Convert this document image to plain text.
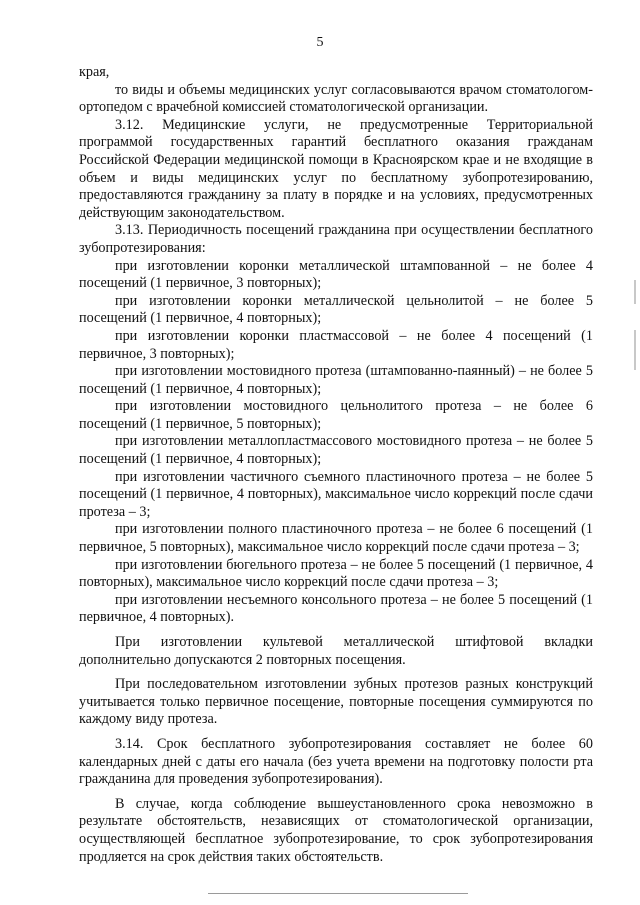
5

края,

то виды и объемы медицинских услуг согласовываются врачом стоматологом-ортопедом с врачебной комиссией стоматологической организации.

3.12. Медицинские услуги, не предусмотренные Территориальной программой государственных гарантий бесплатного оказания гражданам Российской Федерации медицинской помощи в Красноярском крае и не входящие в объем и виды медицинских услуг по бесплатному зубопротезированию, предоставляются гражданину за плату в порядке и на условиях, предусмотренных действующим законодательством.

3.13. Периодичность посещений гражданина при осуществлении бесплатного зубопротезирования:

при изготовлении коронки металлической штампованной – не более 4 посещений (1 первичное, 3 повторных);

при изготовлении коронки металлической цельнолитой – не более 5 посещений (1 первичное, 4 повторных);

при изготовлении коронки пластмассовой – не более 4 посещений (1 первичное, 3 повторных);

при изготовлении мостовидного протеза (штампованно-паянный) – не более 5 посещений (1 первичное, 4 повторных);

при изготовлении мостовидного цельнолитого протеза – не более 6 посещений (1 первичное, 5 повторных);

при изготовлении металлопластмассового мостовидного протеза – не более 5 посещений (1 первичное, 4 повторных);

при изготовлении частичного съемного пластиночного протеза – не более 5 посещений (1 первичное, 4 повторных), максимальное число коррекций после сдачи протеза – 3;

при изготовлении полного пластиночного протеза – не более 6 посещений (1 первичное, 5 повторных), максимальное число коррекций после сдачи протеза – 3;

при изготовлении бюгельного протеза – не более 5 посещений (1 первичное, 4 повторных), максимальное число коррекций после сдачи протеза – 3;

при изготовлении несъемного консольного протеза – не более 5 посещений (1 первичное, 4 повторных).

При изготовлении культевой металлической штифтовой вкладки дополнительно допускаются 2 повторных посещения.

При последовательном изготовлении зубных протезов разных конструкций учитывается только первичное посещение, повторные посещения суммируются по каждому виду протеза.

3.14. Срок бесплатного зубопротезирования составляет не более 60 календарных дней с даты его начала (без учета времени на подготовку полости рта гражданина для проведения зубопротезирования).

В случае, когда соблюдение вышеустановленного срока невозможно в результате обстоятельств, независящих от стоматологической организации, осуществляющей бесплатное зубопротезирование, то срок зубопротезирования продляется на срок действия таких обстоятельств.
